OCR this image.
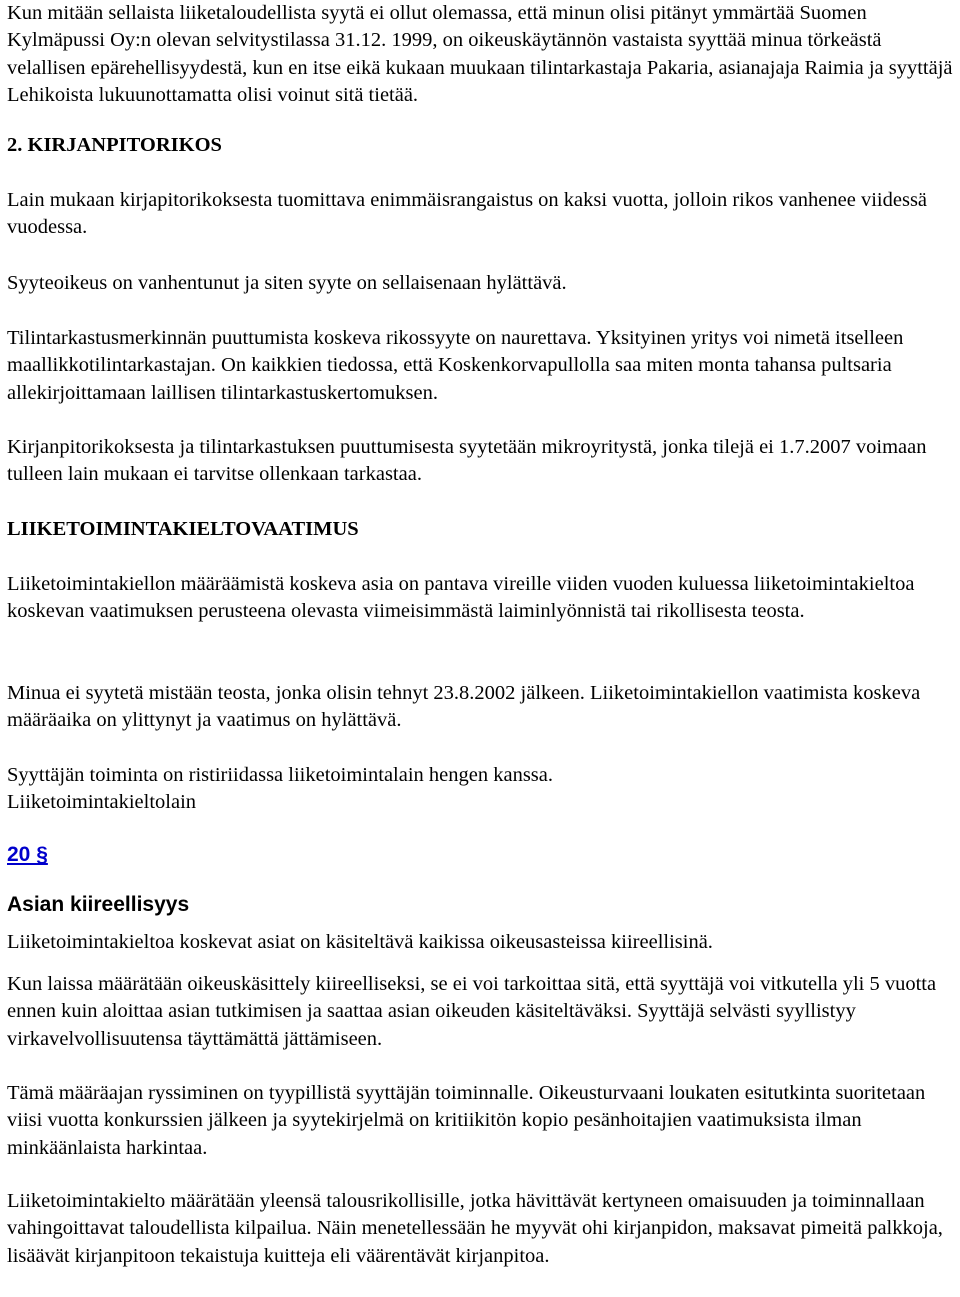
Kun mitään sellaista liiketaloudellista syytä ei ollut olemassa, että minun olisi pitänyt ymmärtää Suomen Kylmäpussi Oy:n olevan selvitystilassa 31.12. 1999, on oikeuskäytännön vastaista syyttää minua törkeästä velallisen epärehellisyydestä, kun en itse eikä kukaan muukaan tilintarkastaja Pakaria, asianajaja Raimia ja syyttäjä Lehikoista lukuunottamatta olisi voinut sitä tietää.

2. KIRJANPITORIKOS

Lain mukaan kirjapitorikoksesta tuomittava enimmäisrangaistus on kaksi vuotta, jolloin rikos vanhenee viidessä vuodessa.

Syyteoikeus on vanhentunut ja siten syyte on sellaisenaan hylättävä.

Tilintarkastusmerkinnän puuttumista koskeva rikossyyte on naurettava. Yksityinen yritys voi nimetä itselleen maallikkotilintarkastajan. On kaikkien tiedossa, että Koskenkorvapullolla saa miten monta tahansa pultsaria allekirjoittamaan laillisen tilintarkastuskertomuksen.

Kirjanpitorikoksesta ja tilintarkastuksen puuttumisesta syytetään mikroyritystä, jonka tilejä ei 1.7.2007 voimaan tulleen lain mukaan ei tarvitse ollenkaan tarkastaa.

LIIKETOIMINTAKIELTOVAATIMUS

Liiketoimintakiellon määräämistä koskeva asia on pantava vireille viiden vuoden kuluessa liiketoimintakieltoa koskevan vaatimuksen perusteena olevasta viimeisimmästä laiminlyönnistä tai rikollisesta teosta.

Minua ei syytetä mistään teosta, jonka olisin tehnyt 23.8.2002 jälkeen. Liiketoimintakiellon vaatimista koskeva määräaika on ylittynyt ja vaatimus on hylättävä.

Syyttäjän toiminta on ristiriidassa liiketoimintalain hengen kanssa.

Liiketoimintakieltolain

20 §

Asian kiireellisyys

Liiketoimintakieltoa koskevat asiat on käsiteltävä kaikissa oikeusasteissa kiireellisinä.

Kun laissa määrätään oikeuskäsittely kiireelliseksi, se ei voi tarkoittaa sitä, että syyttäjä voi vitkutella yli 5 vuotta ennen kuin aloittaa asian tutkimisen ja saattaa asian oikeuden käsiteltäväksi. Syyttäjä selvästi syyllistyy virkavelvollisuutensa täyttämättä jättämiseen.

Tämä määräajan ryssiminen on tyypillistä syyttäjän toiminnalle. Oikeusturvaani loukaten esitutkinta suoritetaan viisi vuotta konkurssien jälkeen ja syytekirjelmä on kritiikitön kopio pesänhoitajien vaatimuksista ilman minkäänlaista harkintaa.

Liiketoimintakielto määrätään yleensä talousrikollisille, jotka hävittävät kertyneen omaisuuden ja toiminnallaan vahingoittavat taloudellista kilpailua. Näin menetellessään he myyvät ohi kirjanpidon, maksavat pimeitä palkkoja, lisäävät kirjanpitoon tekaistuja kuitteja eli väärentävät kirjanpitoa.
